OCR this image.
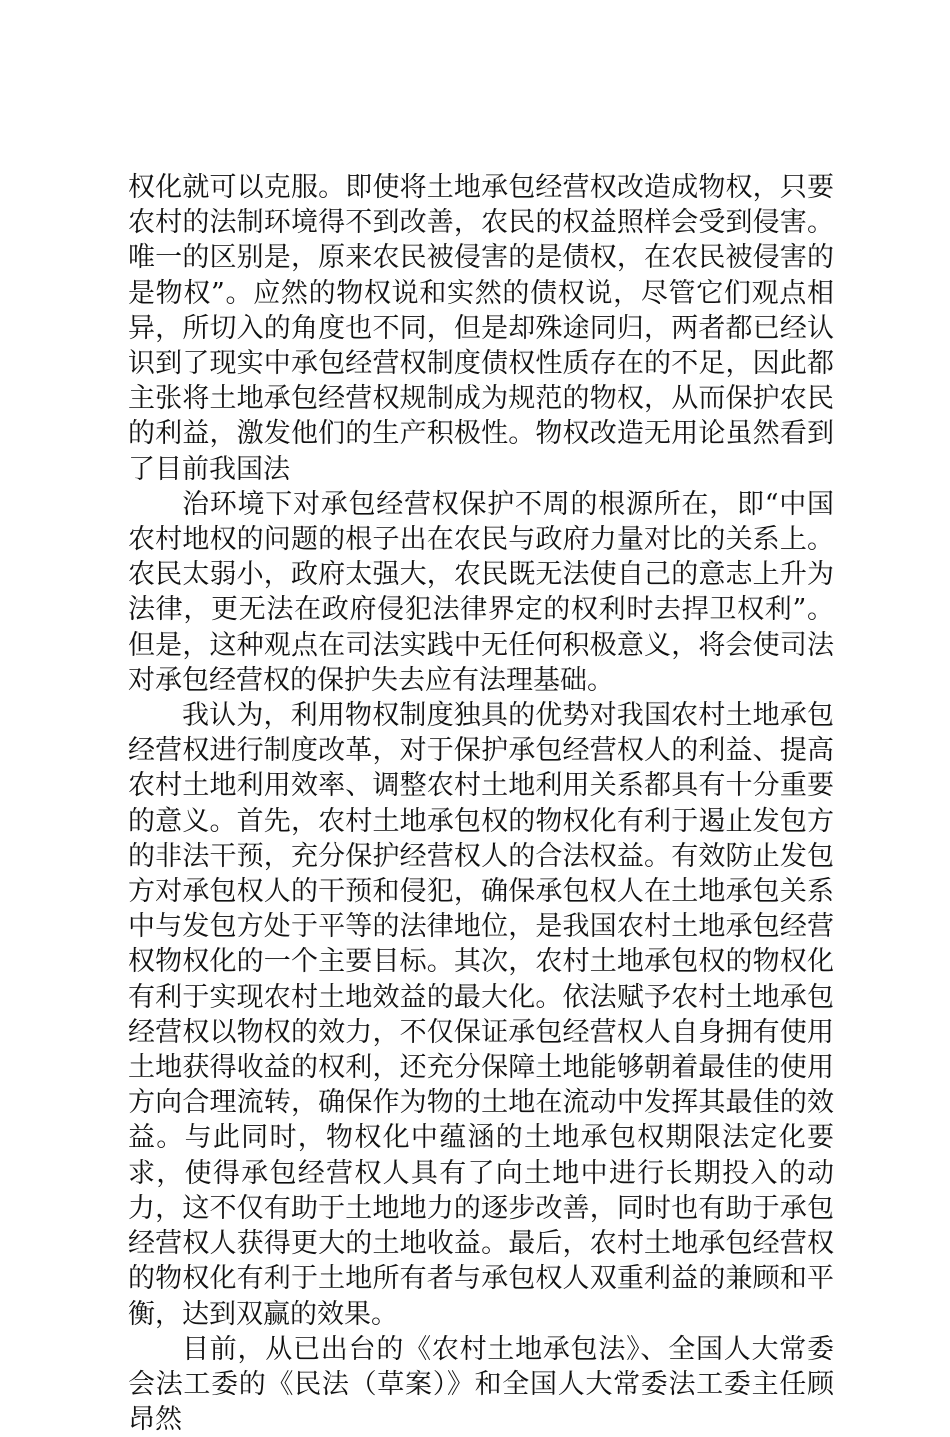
权化就可以克服。即使将土地承包经营权改造成物权，只要农村的法制环境得不到改善，农民的权益照样会受到侵害。唯一的区别是，原来农民被侵害的是债权，在农民被侵害的是物权”。应然的物权说和实然的债权说，尽管它们观点相异，所切入的角度也不同，但是却殊途同归，两者都已经认识到了现实中承包经营权制度债权性质存在的不足，因此都主张将土地承包经营权规制成为规范的物权，从而保护农民的利益，激发他们的生产积极性。物权改造无用论虽然看到了目前我国法

治环境下对承包经营权保护不周的根源所在，即“中国农村地权的问题的根子出在农民与政府力量对比的关系上。农民太弱小，政府太强大，农民既无法使自己的意志上升为法律，更无法在政府侵犯法律界定的权利时去捍卫权利”。但是，这种观点在司法实践中无任何积极意义，将会使司法对承包经营权的保护失去应有法理基础。

我认为，利用物权制度独具的优势对我国农村土地承包经营权进行制度改革，对于保护承包经营权人的利益、提高农村土地利用效率、调整农村土地利用关系都具有十分重要的意义。首先，农村土地承包权的物权化有利于遏止发包方的非法干预，充分保护经营权人的合法权益。有效防止发包方对承包权人的干预和侵犯，确保承包权人在土地承包关系中与发包方处于平等的法律地位，是我国农村土地承包经营权物权化的一个主要目标。其次，农村土地承包权的物权化有利于实现农村土地效益的最大化。依法赋予农村土地承包经营权以物权的效力，不仅保证承包经营权人自身拥有使用土地获得收益的权利，还充分保障土地能够朝着最佳的使用方向合理流转，确保作为物的土地在流动中发挥其最佳的效益。与此同时，物权化中蕴涵的土地承包权期限法定化要求，使得承包经营权人具有了向土地中进行长期投入的动力，这不仅有助于土地地力的逐步改善，同时也有助于承包经营权人获得更大的土地收益。最后，农村土地承包经营权的物权化有利于土地所有者与承包权人双重利益的兼顾和平衡，达到双赢的效果。

目前，从已出台的《农村土地承包法》、全国人大常委会法工委的《民法（草案）》和全国人大常委法工委主任顾昂然
